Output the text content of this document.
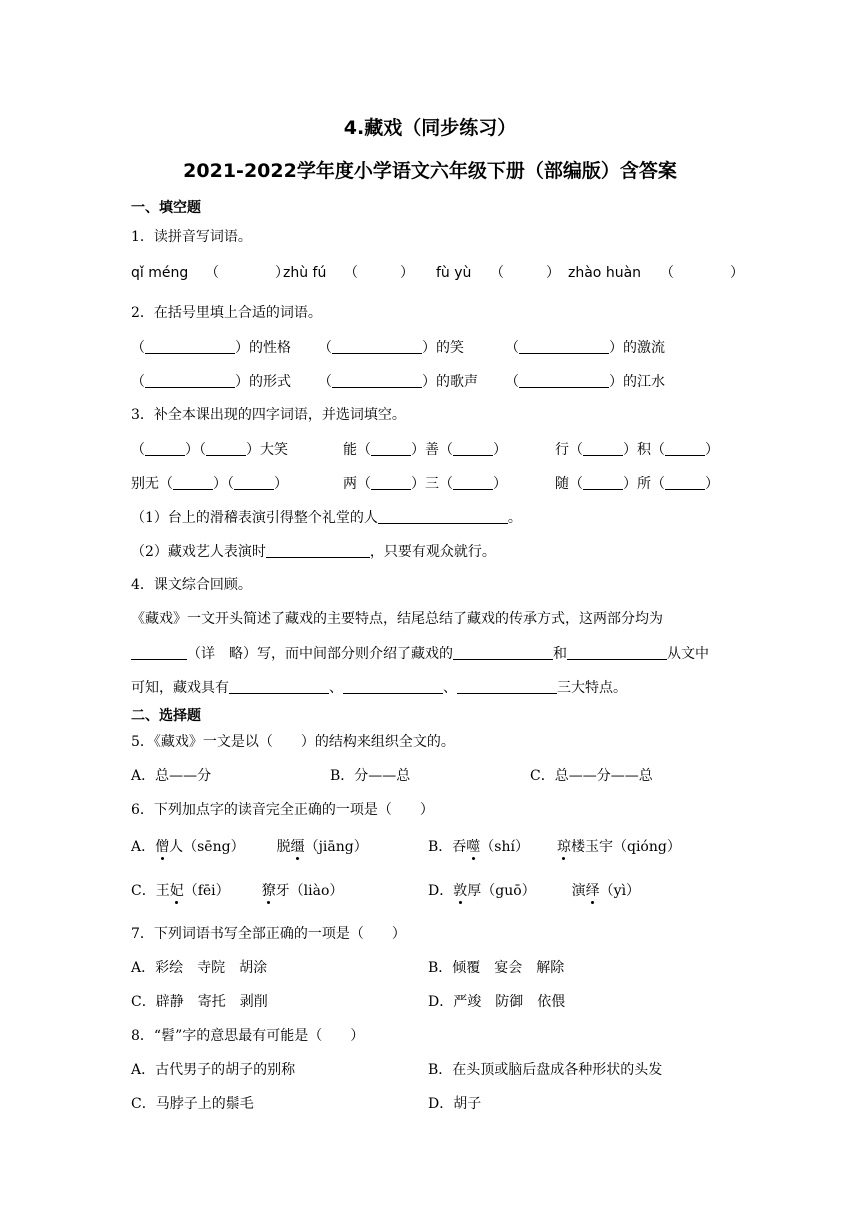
4.藏戏（同步练习）
2021-2022学年度小学语文六年级下册（部编版）含答案
一、填空题
1．读拼音写词语。
qǐ méng （　　　　）
zhù fú （　　　） fù yù （　　　） zhào huàn （　　　　）
2．在括号里填上合适的词语。
（	）的性格 （	）的笑	（	）的激流
（	）的形式 （	）的歌声 （	）的江水
3．补全本课出现的四字词语，并选词填空。
（	）（	）大笑	能（	）善（	）	行（	）积（	）
别无（	）（	）	两（	）三（	）	随（	）所（	）
（1）台上的滑稽表演引得整个礼堂的人	。
（2）藏戏艺人表演时	，只要有观众就行。
4．课文综合回顾。
《藏戏》一文开头简述了藏戏的主要特点，结尾总结了藏戏的传承方式，这两部分均为
（详　略）写，而中间部分则介绍了藏戏的	和	从文中
可知，藏戏具有	、	、	三大特点。
二、选择题
5．《藏戏》一文是以（　　）的结构来组织全文的。
A．总——分	B．分——总	C．总——分——总
6．下列加点字的读音完全正确的一项是（　　）
A．僧人（sēng） 脱缰（jiāng）	B．吞噬（shí） 琼楼玉宇（qióng）
C．王妃（fēi） 獠牙（liào）	D．敦厚（guō）	演绎（yì）
7．下列词语书写全部正确的一项是（　　）
A．彩绘　寺院　胡涂	B．倾覆　宴会　解除
C．辟静　寄托　剥削	D．严竣　防御　依偎
8．“髫”字的意思最有可能是（　　）
A．古代男子的胡子的别称	B．在头顶或脑后盘成各种形状的头发
C．马脖子上的鬃毛	D．胡子
